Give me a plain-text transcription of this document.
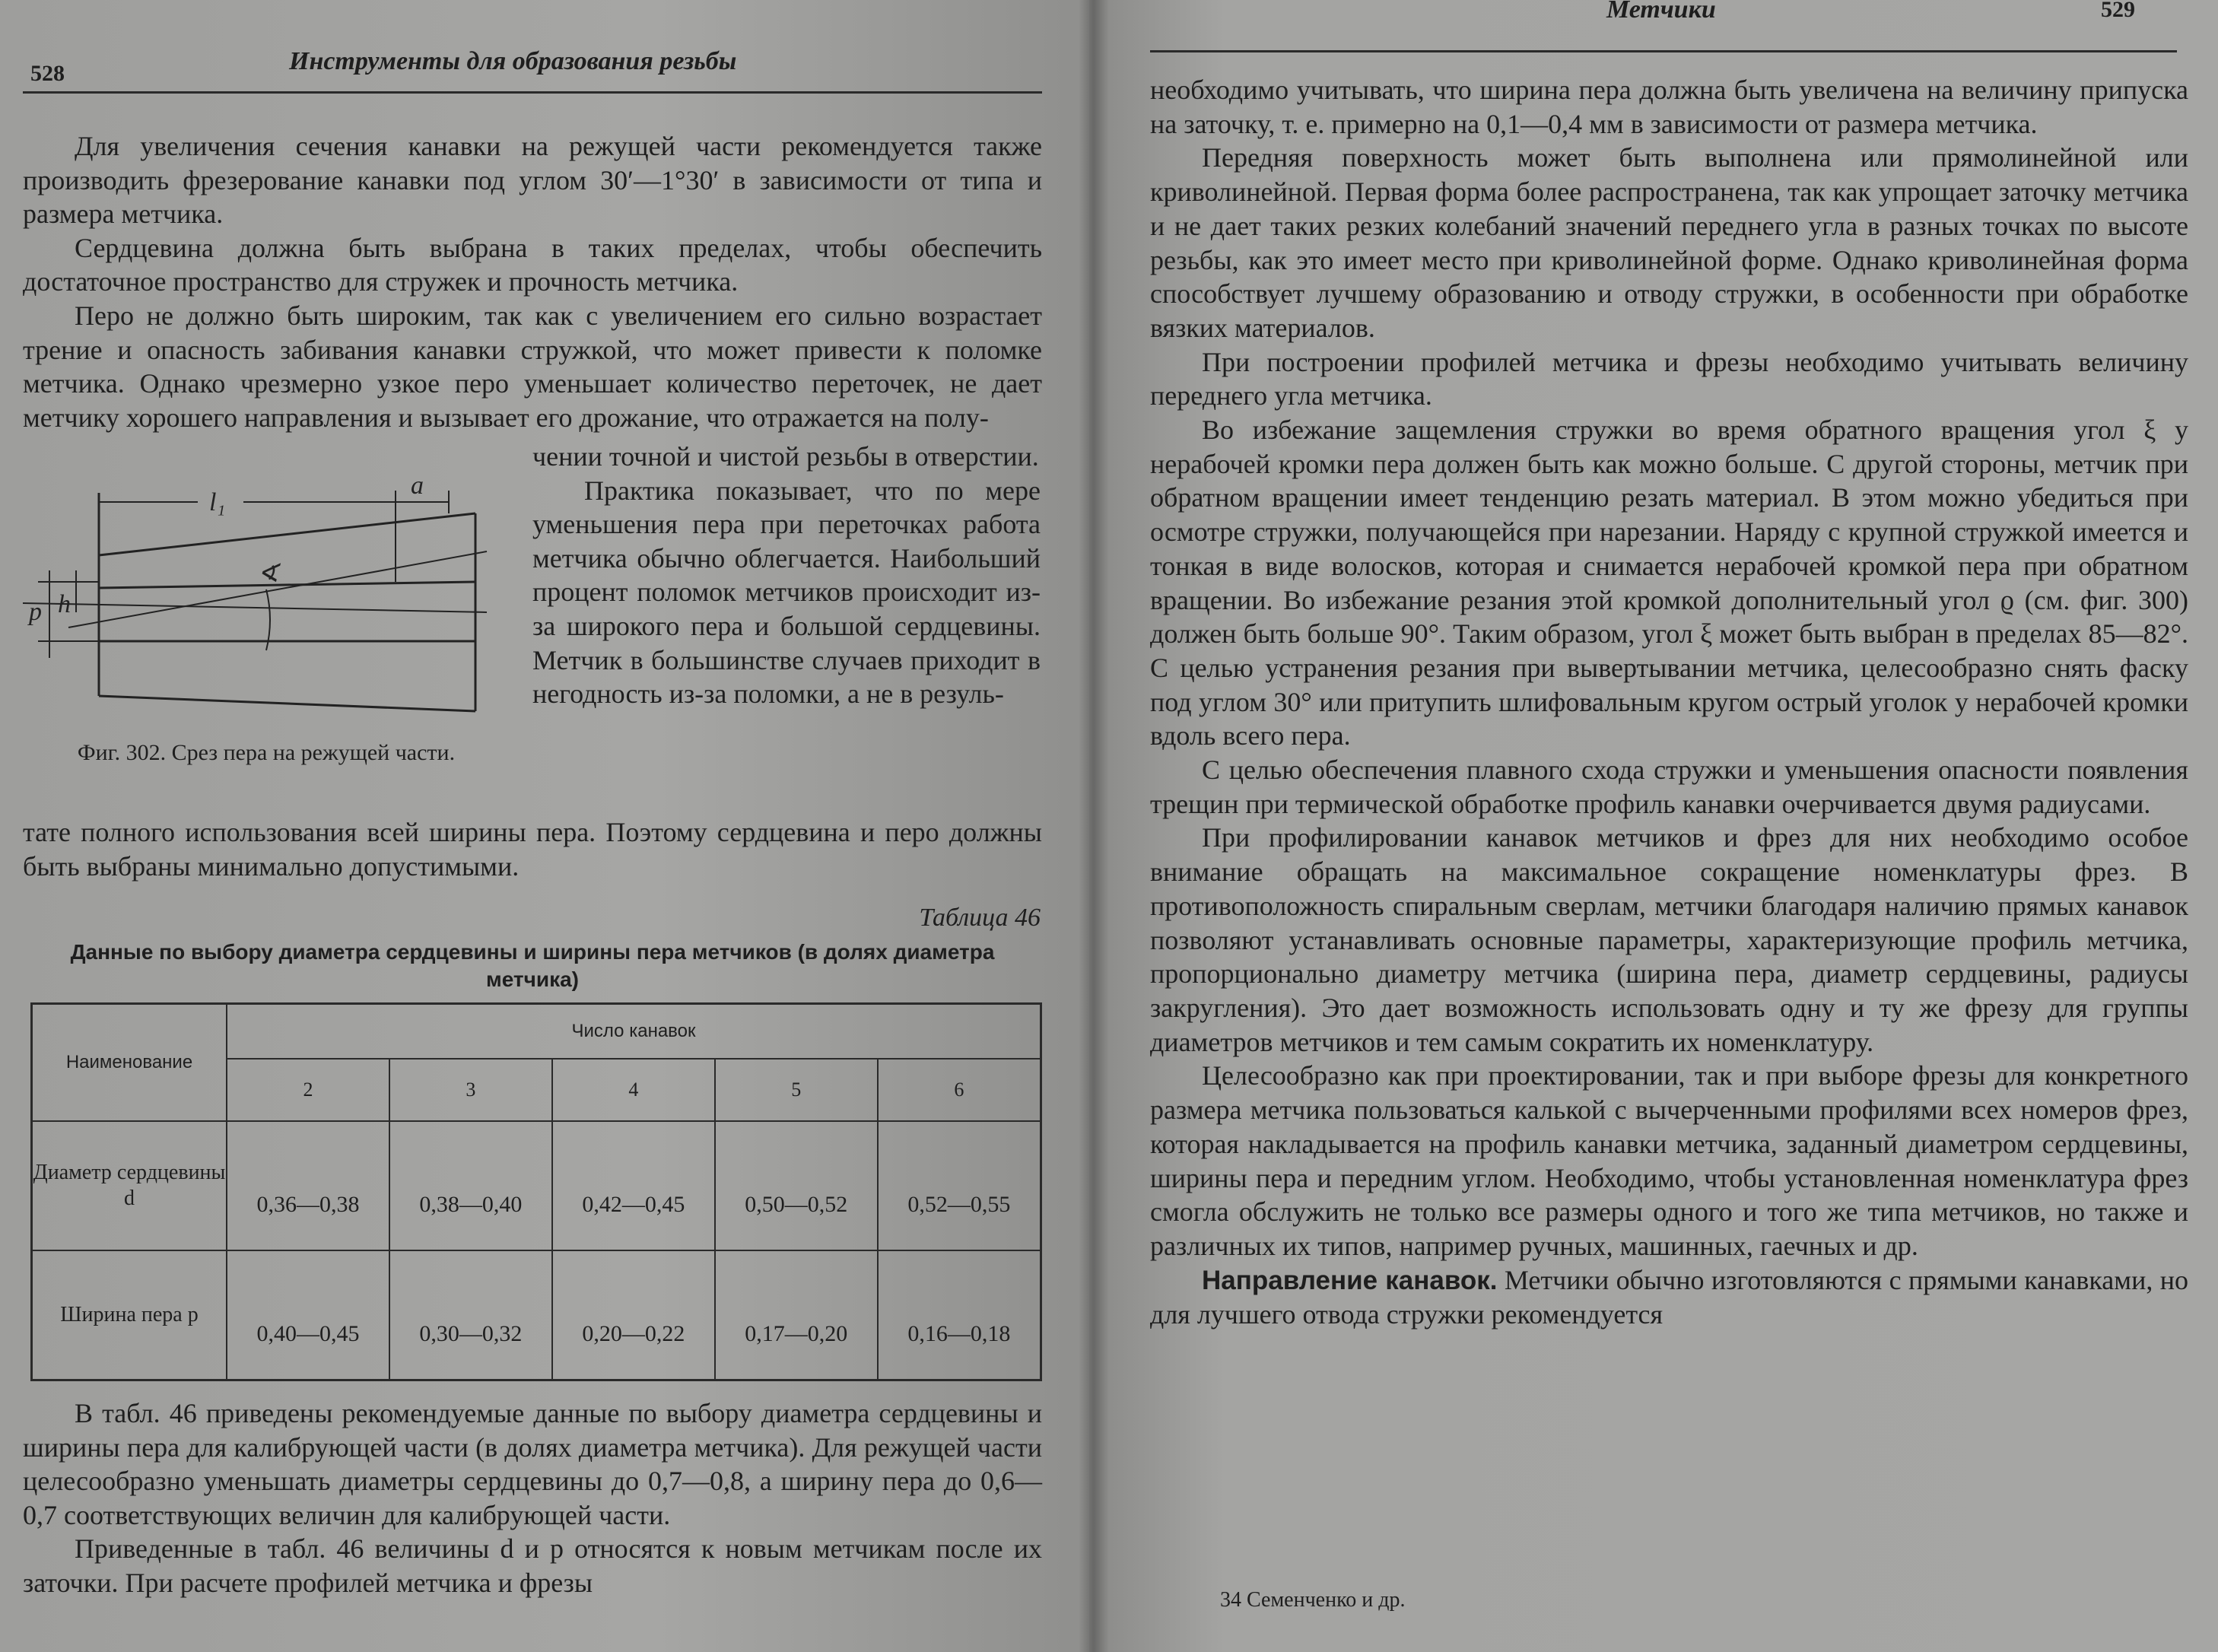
528	Инструменты для образования резьбы

Для увеличения сечения канавки на режущей части рекомендуется также производить фрезерование канавки под углом 30′—1°30′ в зависимости от типа и размера метчика.

Сердцевина должна быть выбрана в таких пределах, чтобы обеспечить достаточное пространство для стружек и прочность метчика.

Перо не должно быть широким, так как с увеличением его сильно возрастает трение и опасность забивания канавки стружкой, что может привести к поломке метчика. Однако чрезмерно узкое перо уменьшает количество переточек, не дает метчику хорошего направления и вызывает его дрожание, что отражается на полу-

l₁
a
p h
∢
Фиг. 302. Срез пера на режущей части.

чении точной и чистой резьбы в отверстии.

Практика показывает, что по мере уменьшения пера при переточках работа метчика обычно облегчается. Наибольший процент поломок метчиков происходит из-за широкого пера и большой сердцевины. Метчик в большинстве случаев приходит в негодность из-за поломки, а не в резуль-

тате полного использования всей ширины пера. Поэтому сердцевина и перо должны быть выбраны минимально допустимыми.

Таблица 46
Данные по выбору диаметра сердцевины и ширины пера метчиков (в долях диаметра метчика)
Наименование	Число канавок				
	2	3	4	5	6
Диаметр сердцевины d	0,36—0,38	0,38—0,40	0,42—0,45	0,50—0,52	0,52—0,55
Ширина пера p	0,40—0,45	0,30—0,32	0,20—0,22	0,17—0,20	0,16—0,18

В табл. 46 приведены рекомендуемые данные по выбору диаметра сердцевины и ширины пера для калибрующей части (в долях диаметра метчика). Для режущей части целесообразно уменьшать диаметры сердцевины до 0,7—0,8, а ширину пера до 0,6—0,7 соответствующих величин для калибрующей части.

Приведенные в табл. 46 величины d и p относятся к новым метчикам после их заточки. При расчете профилей метчика и фрезы

Метчики	529

необходимо учитывать, что ширина пера должна быть увеличена на величину припуска на заточку, т. е. примерно на 0,1—0,4 мм в зависимости от размера метчика.

Передняя поверхность может быть выполнена или прямолинейной или криволинейной. Первая форма более распространена, так как упрощает заточку метчика и не дает таких резких колебаний значений переднего угла в разных точках по высоте резьбы, как это имеет место при криволинейной форме. Однако криволинейная форма способствует лучшему образованию и отводу стружки, в особенности при обработке вязких материалов.

При построении профилей метчика и фрезы необходимо учитывать величину переднего угла метчика.

Во избежание защемления стружки во время обратного вращения угол ξ у нерабочей кромки пера должен быть как можно больше. С другой стороны, метчик при обратном вращении имеет тенденцию резать материал. В этом можно убедиться при осмотре стружки, получающейся при нарезании. Наряду с крупной стружкой имеется и тонкая в виде волосков, которая и снимается нерабочей кромкой пера при обратном вращении. Во избежание резания этой кромкой дополнительный угол ϱ (см. фиг. 300) должен быть больше 90°. Таким образом, угол ξ может быть выбран в пределах 85—82°. С целью устранения резания при вывертывании метчика, целесообразно снять фаску под углом 30° или притупить шлифовальным кругом острый уголок у нерабочей кромки вдоль всего пера.

С целью обеспечения плавного схода стружки и уменьшения опасности появления трещин при термической обработке профиль канавки очерчивается двумя радиусами.

При профилировании канавок метчиков и фрез для них необходимо особое внимание обращать на максимальное сокращение номенклатуры фрез. В противоположность спиральным сверлам, метчики благодаря наличию прямых канавок позволяют устанавливать основные параметры, характеризующие профиль метчика, пропорционально диаметру метчика (ширина пера, диаметр сердцевины, радиусы закругления). Это дает возможность использовать одну и ту же фрезу для группы диаметров метчиков и тем самым сократить их номенклатуру.

Целесообразно как при проектировании, так и при выборе фрезы для конкретного размера метчика пользоваться калькой с вычерченными профилями всех номеров фрез, которая накладывается на профиль канавки метчика, заданный диаметром сердцевины, ширины пера и передним углом. Необходимо, чтобы установленная номенклатура фрез смогла обслужить не только все размеры одного и того же типа метчиков, но также и различных их типов, например ручных, машинных, гаечных и др.

Направление канавок. Метчики обычно изготовляются с прямыми канавками, но для лучшего отвода стружки рекомендуется

34 Семенченко и др.
